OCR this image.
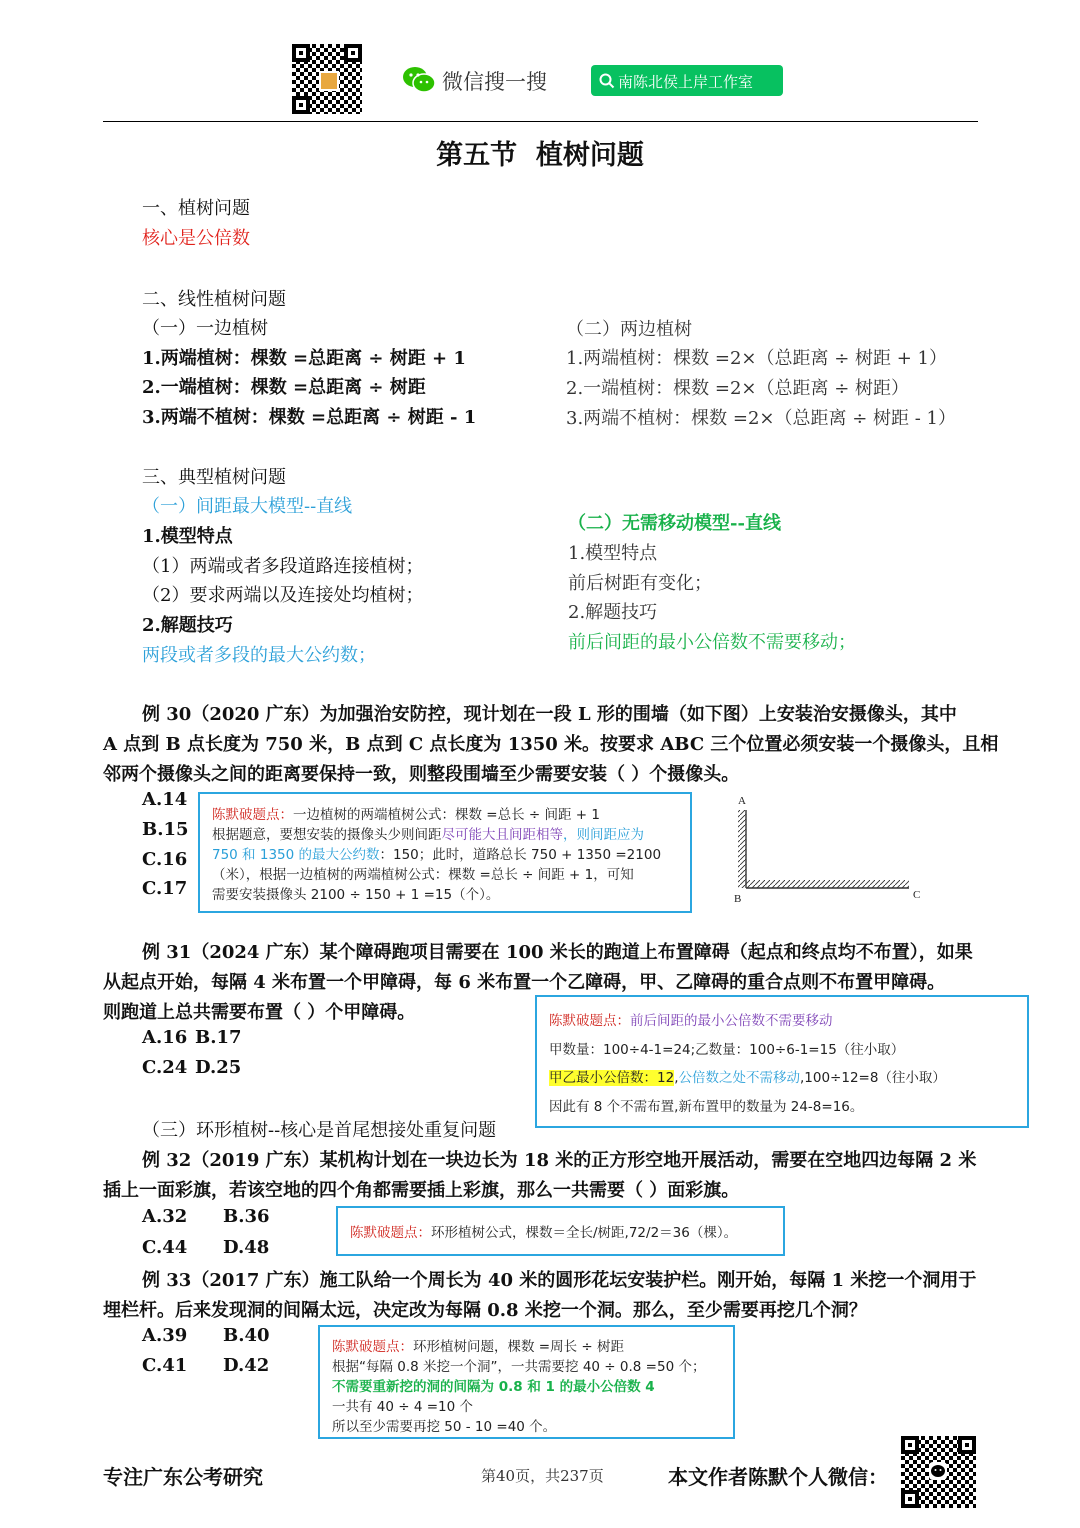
微信搜一搜	南陈北侯上岸工作室
第五节  植树问题
一、植树问题
核心是公倍数
二、线性植树问题
（一）一边植树
1.两端植树：棵数 =总距离 ÷ 树距 + 1
2.一端植树：棵数 =总距离 ÷ 树距
3.两端不植树：棵数 =总距离 ÷ 树距 - 1
（二）两边植树
1.两端植树：棵数 =2×（总距离 ÷ 树距 + 1）
2.一端植树：棵数 =2×（总距离 ÷ 树距）
3.两端不植树：棵数 =2×（总距离 ÷ 树距 - 1）
三、典型植树问题
（一）间距最大模型--直线
1.模型特点
（1）两端或者多段道路连接植树；
（2）要求两端以及连接处均植树；
2.解题技巧
两段或者多段的最大公约数；
（二）无需移动模型--直线
1.模型特点
前后树距有变化；
2.解题技巧
前后间距的最小公倍数不需要移动；
例 30（2020 广东）为加强治安防控，现计划在一段 L 形的围墙（如下图）上安装治安摄像头，其中
A 点到 B 点长度为 750 米，B 点到 C 点长度为 1350 米。按要求 ABC 三个位置必须安装一个摄像头，且相
邻两个摄像头之间的距离要保持一致，则整段围墙至少需要安装（ ）个摄像头。
A.14
B.15
C.16
C.17
陈默破题点：一边植树的两端植树公式：棵数 =总长 ÷ 间距 + 1
根据题意，要想安装的摄像头少则间距尽可能大且间距相等，则间距应为
750 和 1350 的最大公约数：150；此时，道路总长 750 + 1350 =2100
（米），根据一边植树的两端植树公式：棵数 =总长 ÷ 间距 + 1，可知
需要安装摄像头 2100 ÷ 150 + 1 =15（个）。
A
B	C
例 31（2024 广东）某个障碍跑项目需要在 100 米长的跑道上布置障碍（起点和终点均不布置），如果
从起点开始，每隔 4 米布置一个甲障碍，每 6 米布置一个乙障碍，甲、乙障碍的重合点则不布置甲障碍。
则跑道上总共需要布置（ ）个甲障碍。
A.16 B.17
C.24 D.25
陈默破题点：前后间距的最小公倍数不需要移动
甲数量：100÷4-1=24;乙数量：100÷6-1=15（往小取）
甲乙最小公倍数：12,公倍数之处不需移动,100÷12=8（往小取）
因此有 8 个不需布置,新布置甲的数量为 24-8=16。
（三）环形植树--核心是首尾想接处重复问题
例 32（2019 广东）某机构计划在一块边长为 18 米的正方形空地开展活动，需要在空地四边每隔 2 米
插上一面彩旗，若该空地的四个角都需要插上彩旗，那么一共需要（ ）面彩旗。
A.32 B.36
C.44 D.48
陈默破题点：环形植树公式，棵数＝全长/树距,72/2＝36（棵）。
例 33（2017 广东）施工队给一个周长为 40 米的圆形花坛安装护栏。刚开始，每隔 1 米挖一个洞用于
埋栏杆。后来发现洞的间隔太远，决定改为每隔 0.8 米挖一个洞。那么，至少需要再挖几个洞？
A.39 B.40
C.41 D.42
陈默破题点：环形植树问题，棵数 =周长 ÷ 树距
根据“每隔 0.8 米挖一个洞”，一共需要挖 40 ÷ 0.8 =50 个；
不需要重新挖的洞的间隔为 0.8 和 1 的最小公倍数 4
一共有 40 ÷ 4 =10 个
所以至少需要再挖 50 - 10 =40 个。
专注广东公考研究	第40页，共237页	本文作者陈默个人微信：
